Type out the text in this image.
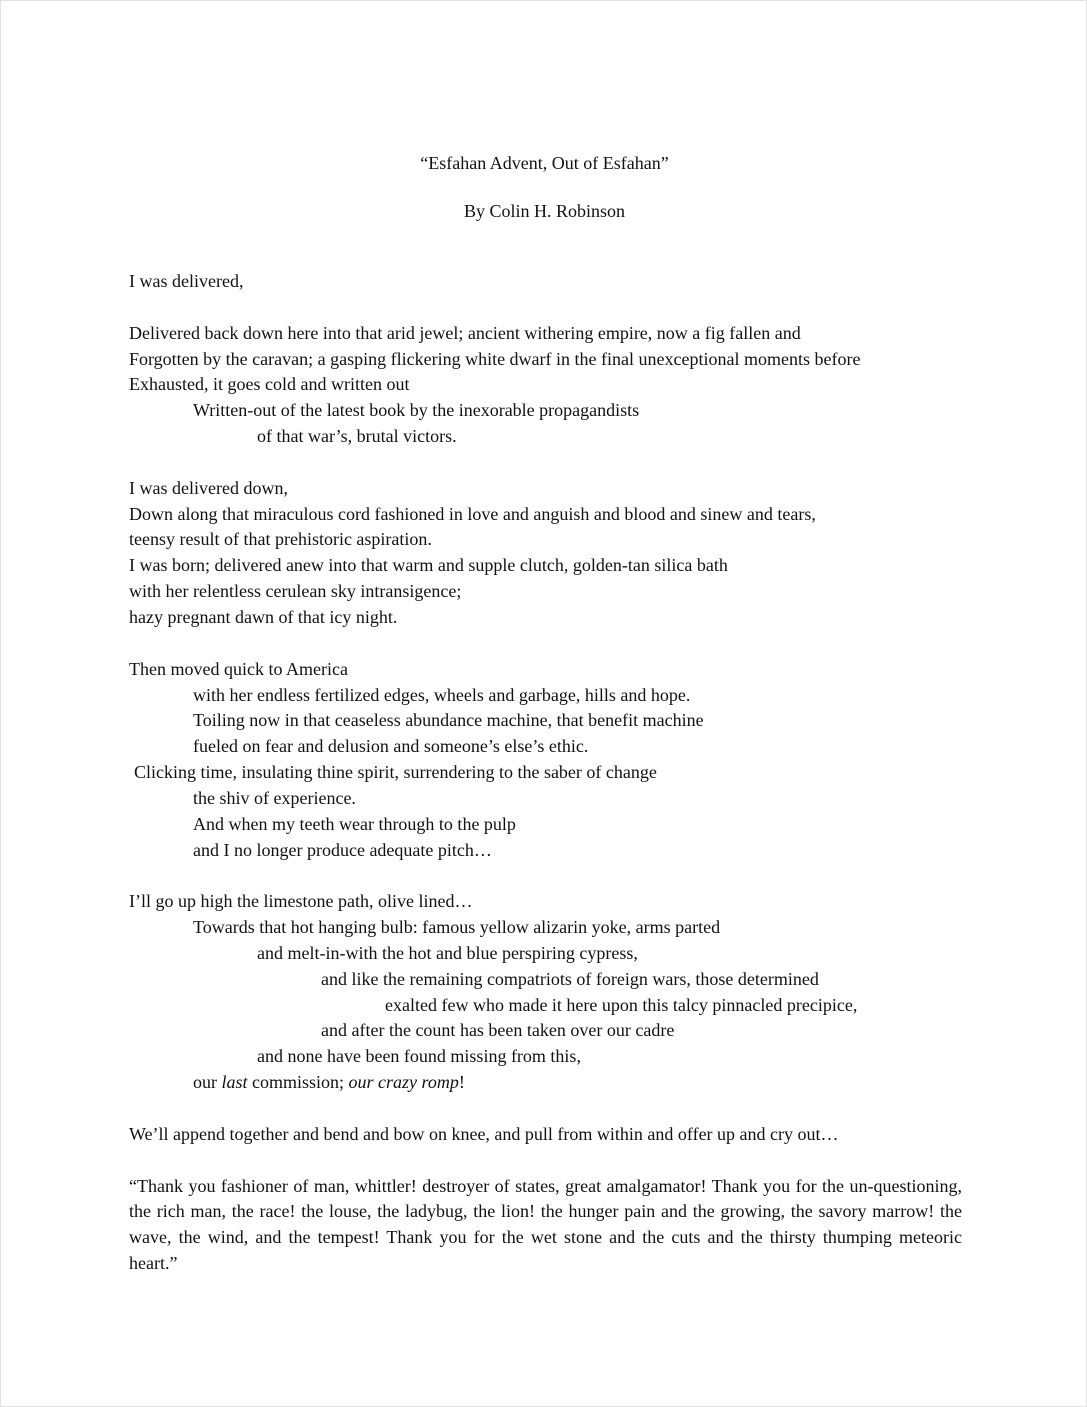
“Esfahan Advent, Out of Esfahan”
By Colin H. Robinson
I was delivered,
Delivered back down here into that arid jewel; ancient withering empire, now a fig fallen and
Forgotten by the caravan; a gasping flickering white dwarf in the final unexceptional moments before
Exhausted, it goes cold and written out
Written-out of the latest book by the inexorable propagandists
of that war’s, brutal victors.
I was delivered down,
Down along that miraculous cord fashioned in love and anguish and blood and sinew and tears,
teensy result of that prehistoric aspiration.
I was born; delivered anew into that warm and supple clutch, golden-tan silica bath
with her relentless cerulean sky intransigence;
hazy pregnant dawn of that icy night.
Then moved quick to America
with her endless fertilized edges, wheels and garbage, hills and hope.
Toiling now in that ceaseless abundance machine, that benefit machine
fueled on fear and delusion and someone’s else’s ethic.
Clicking time, insulating thine spirit, surrendering to the saber of change
the shiv of experience.
And when my teeth wear through to the pulp
and I no longer produce adequate pitch…
I’ll go up high the limestone path, olive lined…
Towards that hot hanging bulb: famous yellow alizarin yoke, arms parted
and melt-in-with the hot and blue perspiring cypress,
and like the remaining compatriots of foreign wars, those determined
exalted few who made it here upon this talcy pinnacled precipice,
and after the count has been taken over our cadre
and none have been found missing from this,
our last commission; our crazy romp!
We’ll append together and bend and bow on knee, and pull from within and offer up and cry out…
“Thank you fashioner of man, whittler! destroyer of states, great amalgamator! Thank you for the un-questioning, the rich man, the race! the louse, the ladybug, the lion! the hunger pain and the growing, the savory marrow! the wave, the wind, and the tempest! Thank you for the wet stone and the cuts and the thirsty thumping meteoric heart.”
